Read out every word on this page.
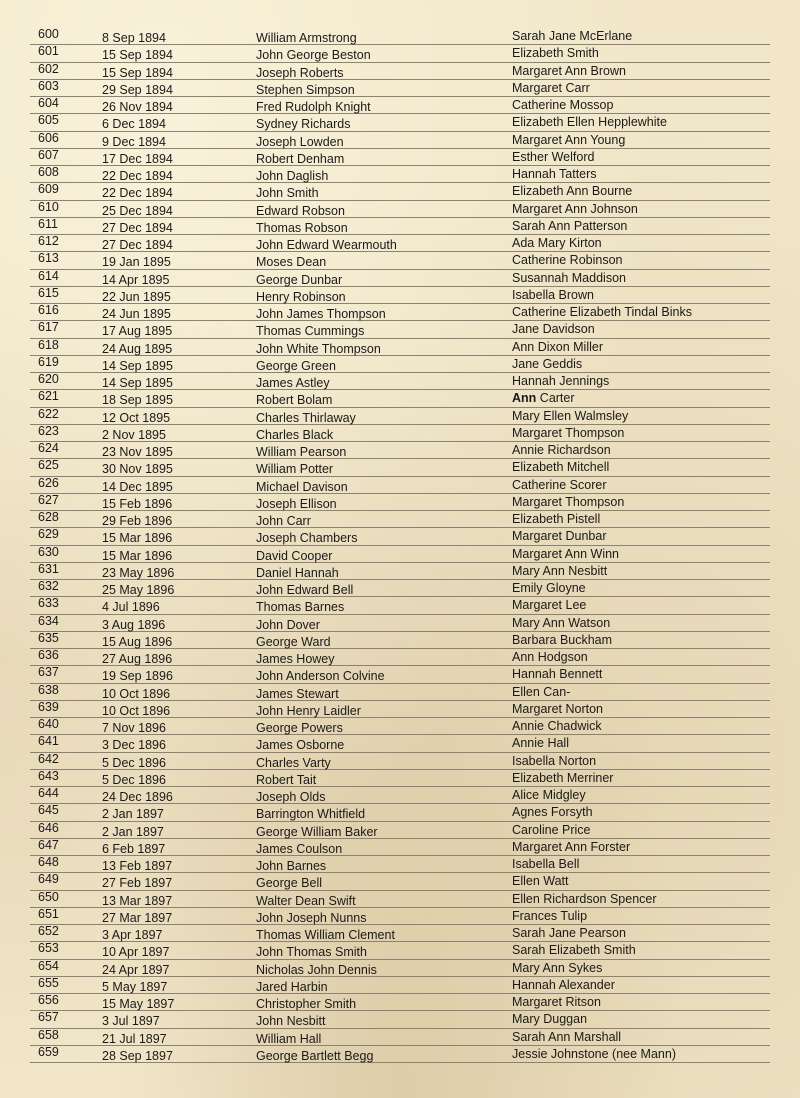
600	8 Sep 1894	William Armstrong	Sarah Jane McErlane
601	15 Sep 1894	John George Beston	Elizabeth Smith
602	15 Sep 1894	Joseph Roberts	Margaret Ann Brown
603	29 Sep 1894	Stephen Simpson	Margaret Carr
604	26 Nov 1894	Fred Rudolph Knight	Catherine Mossop
605	6 Dec 1894	Sydney Richards	Elizabeth Ellen Hepplewhite
606	9 Dec 1894	Joseph Lowden	Margaret Ann Young
607	17 Dec 1894	Robert Denham	Esther Welford
608	22 Dec 1894	John Daglish	Hannah Tatters
609	22 Dec 1894	John Smith	Elizabeth Ann Bourne
610	25 Dec 1894	Edward Robson	Margaret Ann Johnson
611	27 Dec 1894	Thomas Robson	Sarah Ann Patterson
612	27 Dec 1894	John Edward Wearmouth	Ada Mary Kirton
613	19 Jan 1895	Moses Dean	Catherine Robinson
614	14 Apr 1895	George Dunbar	Susannah Maddison
615	22 Jun 1895	Henry Robinson	Isabella Brown
616	24 Jun 1895	John James Thompson	Catherine Elizabeth Tindal Binks
617	17 Aug 1895	Thomas Cummings	Jane Davidson
618	24 Aug 1895	John White Thompson	Ann Dixon Miller
619	14 Sep 1895	George Green	Jane Geddis
620	14 Sep 1895	James Astley	Hannah Jennings
621	18 Sep 1895	Robert Bolam	Ann Carter
622	12 Oct 1895	Charles Thirlaway	Mary Ellen Walmsley
623	2 Nov 1895	Charles Black	Margaret Thompson
624	23 Nov 1895	William Pearson	Annie Richardson
625	30 Nov 1895	William Potter	Elizabeth Mitchell
626	14 Dec 1895	Michael Davison	Catherine Scorer
627	15 Feb 1896	Joseph Ellison	Margaret Thompson
628	29 Feb 1896	John Carr	Elizabeth Pistell
629	15 Mar 1896	Joseph Chambers	Margaret Dunbar
630	15 Mar 1896	David Cooper	Margaret Ann Winn
631	23 May 1896	Daniel Hannah	Mary Ann Nesbitt
632	25 May 1896	John Edward Bell	Emily Gloyne
633	4 Jul 1896	Thomas Barnes	Margaret Lee
634	3 Aug 1896	John Dover	Mary Ann Watson
635	15 Aug 1896	George Ward	Barbara Buckham
636	27 Aug 1896	James Howey	Ann Hodgson
637	19 Sep 1896	John Anderson Colvine	Hannah Bennett
638	10 Oct 1896	James Stewart	Ellen Can-
639	10 Oct 1896	John Henry Laidler	Margaret Norton
640	7 Nov 1896	George Powers	Annie Chadwick
641	3 Dec 1896	James Osborne	Annie Hall
642	5 Dec 1896	Charles Varty	Isabella Norton
643	5 Dec 1896	Robert Tait	Elizabeth Merriner
644	24 Dec 1896	Joseph Olds	Alice Midgley
645	2 Jan 1897	Barrington Whitfield	Agnes Forsyth
646	2 Jan 1897	George William Baker	Caroline Price
647	6 Feb 1897	James Coulson	Margaret Ann Forster
648	13 Feb 1897	John Barnes	Isabella Bell
649	27 Feb 1897	George Bell	Ellen Watt
650	13 Mar 1897	Walter Dean Swift	Ellen Richardson Spencer
651	27 Mar 1897	John Joseph Nunns	Frances Tulip
652	3 Apr 1897	Thomas William Clement	Sarah Jane Pearson
653	10 Apr 1897	John Thomas Smith	Sarah Elizabeth Smith
654	24 Apr 1897	Nicholas John Dennis	Mary Ann Sykes
655	5 May 1897	Jared Harbin	Hannah Alexander
656	15 May 1897	Christopher Smith	Margaret Ritson
657	3 Jul 1897	John Nesbitt	Mary Duggan
658	21 Jul 1897	William Hall	Sarah Ann Marshall
659	28 Sep 1897	George Bartlett Begg	Jessie Johnstone (nee Mann)
